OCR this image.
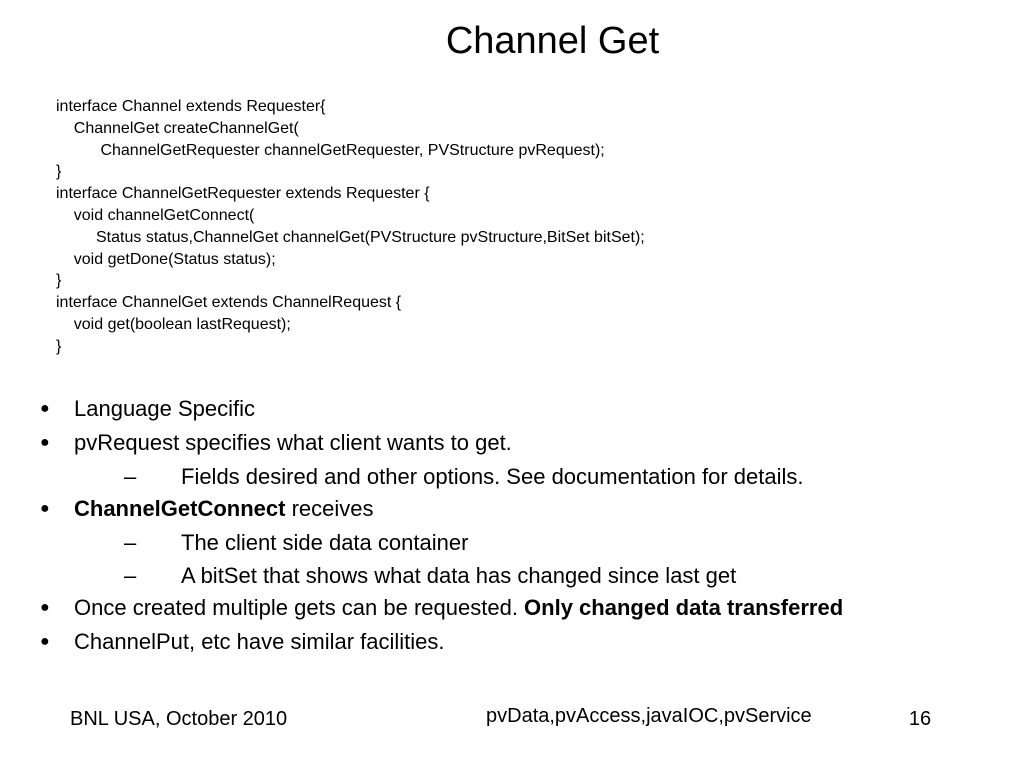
Channel Get
interface Channel extends Requester{
ChannelGet createChannelGet(
ChannelGetRequester channelGetRequester, PVStructure pvRequest);
}
interface ChannelGetRequester extends Requester {
void channelGetConnect(
Status status,ChannelGet channelGet(PVStructure pvStructure,BitSet bitSet);
void getDone(Status status);
}
interface ChannelGet extends ChannelRequest {
void get(boolean lastRequest);
}
● Language Specific
● pvRequest specifies what client wants to get.
– Fields desired and other options. See documentation for details.
● ChannelGetConnect receives
– The client side data container
– A bitSet that shows what data has changed since last get
● Once created multiple gets can be requested. Only changed data transferred
● ChannelPut, etc have similar facilities.
BNL USA, October 2010	pvData,pvAccess,javaIOC,pvService	16
